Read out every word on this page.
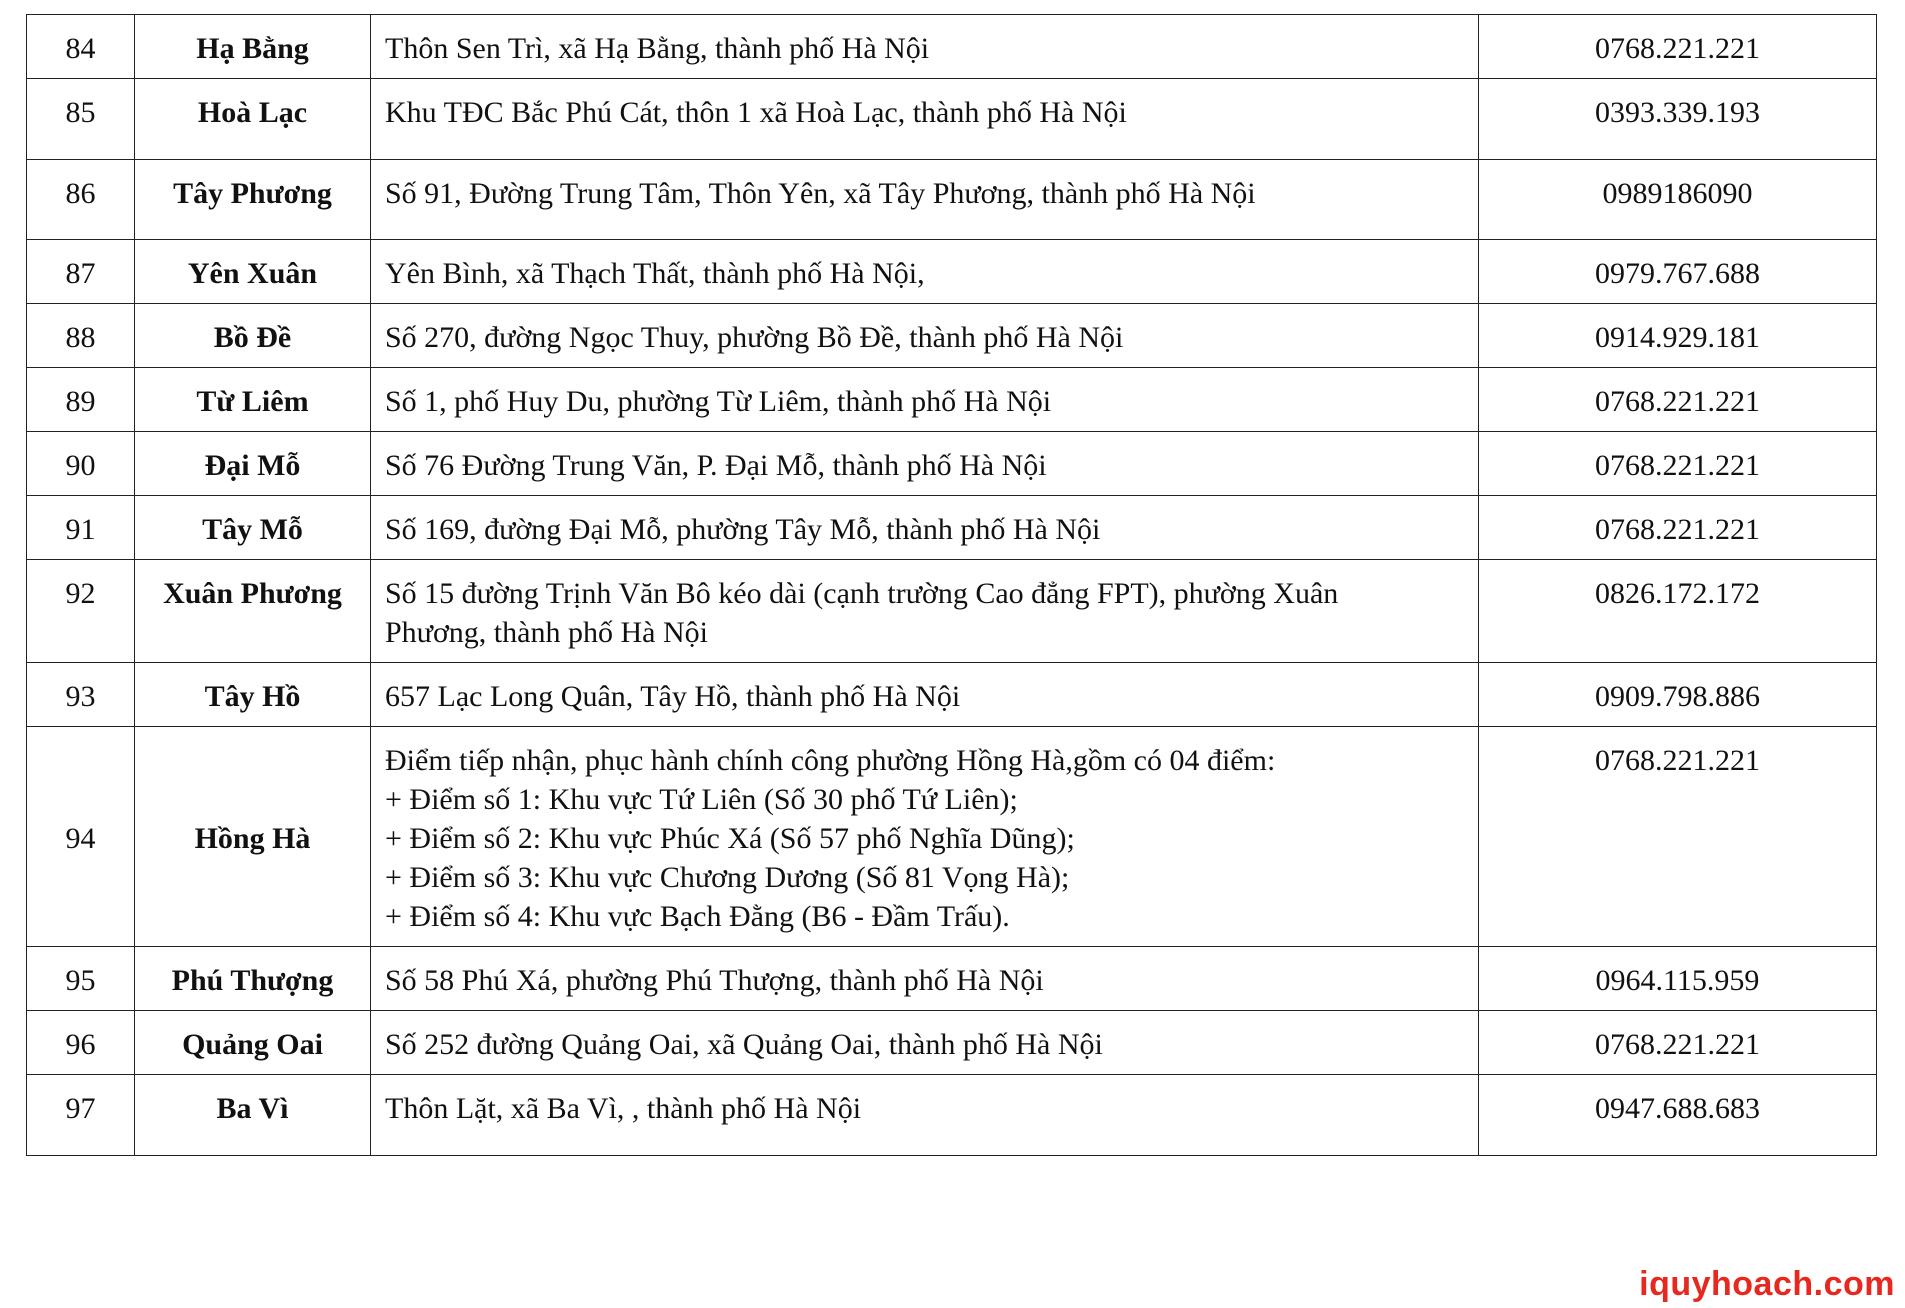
84	Hạ Bằng	Thôn Sen Trì, xã Hạ Bằng, thành phố Hà Nội	0768.221.221
85	Hoà Lạc	Khu TĐC Bắc Phú Cát, thôn 1 xã Hoà Lạc, thành phố Hà Nội	0393.339.193
86	Tây Phương	Số 91, Đường Trung Tâm, Thôn Yên, xã Tây Phương, thành phố Hà Nội	0989186090
87	Yên Xuân	Yên Bình, xã Thạch Thất, thành phố Hà Nội,	0979.767.688
88	Bồ Đề	Số 270, đường Ngọc Thuy, phường Bồ Đề, thành phố Hà Nội	0914.929.181
89	Từ Liêm	Số 1, phố Huy Du, phường Từ Liêm, thành phố Hà Nội	0768.221.221
90	Đại Mỗ	Số 76 Đường Trung Văn, P. Đại Mỗ, thành phố Hà Nội	0768.221.221
91	Tây Mỗ	Số 169, đường Đại Mỗ, phường Tây Mỗ, thành phố Hà Nội	0768.221.221
92	Xuân Phương	Số 15 đường Trịnh Văn Bô kéo dài (cạnh trường Cao đẳng FPT), phường Xuân
Phương, thành phố Hà Nội	0826.172.172
93	Tây Hồ	657 Lạc Long Quân, Tây Hồ, thành phố Hà Nội	0909.798.886
94	Hồng Hà	Điểm tiếp nhận, phục hành chính công phường Hồng Hà,gồm có 04 điểm:
+ Điểm số 1: Khu vực Tứ Liên (Số 30 phố Tứ Liên);
+ Điểm số 2: Khu vực Phúc Xá (Số 57 phố Nghĩa Dũng);
+ Điểm số 3: Khu vực Chương Dương (Số 81 Vọng Hà);
+ Điểm số 4: Khu vực Bạch Đằng (B6 - Đầm Trấu).	0768.221.221
95	Phú Thượng	Số 58 Phú Xá, phường Phú Thượng, thành phố Hà Nội	0964.115.959
96	Quảng Oai	Số 252 đường Quảng Oai, xã Quảng Oai, thành phố Hà Nội	0768.221.221
97	Ba Vì	Thôn Lặt, xã Ba Vì, , thành phố Hà Nội	0947.688.683
iquyhoach.com
